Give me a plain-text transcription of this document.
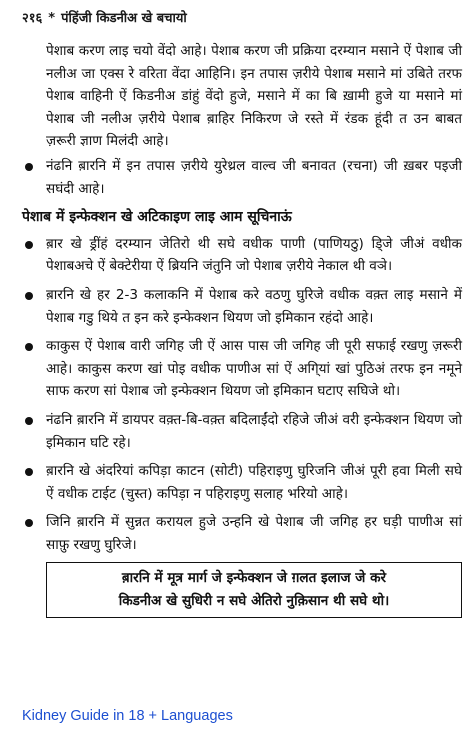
२१६ * पंहिंजी किडनीअ खे बचायो

पेशाब करण लाइ चयो वेंदो आहे। पेशाब करण जी प्रक्रिया दरम्यान मसाने ऐं पेशाब जी नलीअ जा एक्स रे वरिता वेंदा आहिनि। इन तपास ज़रीये पेशाब मसाने मां उबिते तरफ पेशाब वाहिनी ऐं किडनीअ डांहुं वेंदो हुजे, मसाने में का बि ख़ामी हुजे या मसाने मां पेशाब जी नलीअ ज़रीये पेशाब ब़ाहिर निकिरण जे रस्ते में रंडक हूंदी त उन बाबत ज़रूरी ज्ञाण मिलंदी आहे।

नंढनि ब़ारनि में इन तपास ज़रीये युरेथ्रल वाल्व जी बनावत (रचना) जी ख़बर पइजी सघंदी आहे।
पेशाब में इन्फेक्शन खे अटिकाइण लाइ आम सूचिनाऊं
ब़ार खे ड्रींहं दरम्यान जेतिरो थी सघे वधीक पाणी (पाणियठु) डि्जे जीअं वधीक पेशाबअचे ऐं बेक्टेरीया ऐं ब्रियनि जंतुनि जो पेशाब ज़रीये नेकाल थी वञे।
ब़ारनि खे हर 2-3 कलाकनि में पेशाब करे वठणु घुरिजे वधीक वक़्त लाइ मसाने में पेशाब गडु थिये त इन करे इन्फेक्शन थियण जो इमिकान रहंदो आहे।
काकुस ऐं पेशाब वारी जगिह जी ऐं आस पास जी जगिह जी पूरी सफाई रखणु ज़रूरी आहे। काकुस करण खां पोइ वधीक पाणीअ सां ऐं अगि्यां खां पुठिअं तरफ इन नमूने साफ करण सां पेशाब जो इन्फेक्शन थियण जो इमिकान घटाए सघिजे थो।
नंढनि ब़ारनि में डायपर वक़्त-बि-वक़्त बदिलाईंदो रहिजे जीअं वरी इन्फेक्शन थियण जो इमिकान घटि रहे।
ब़ारनि खे अंदरियां कपिड़ा काटन (सोटी) पहिराइणु घुरिजनि जीअं पूरी हवा मिली सघे ऐं वधीक टाईट (चुस्त) कपिड़ा न पहिराइणु सलाह भरियो आहे।
जिनि ब़ारनि में सुन्नत करायल हुजे उन्हनि खे पेशाब जी जगिह हर घड़ी पाणीअ सां साफ़ु रखणु घुरिजे।
ब़ारनि में मूत्र मार्ग जे इन्फेक्शन जे ग़लत इलाज जे करे
किडनीअ खे सुधिरी न सघे अेतिरो नुक़िसान थी सघे थो।
Kidney Guide in 18 + Languages
